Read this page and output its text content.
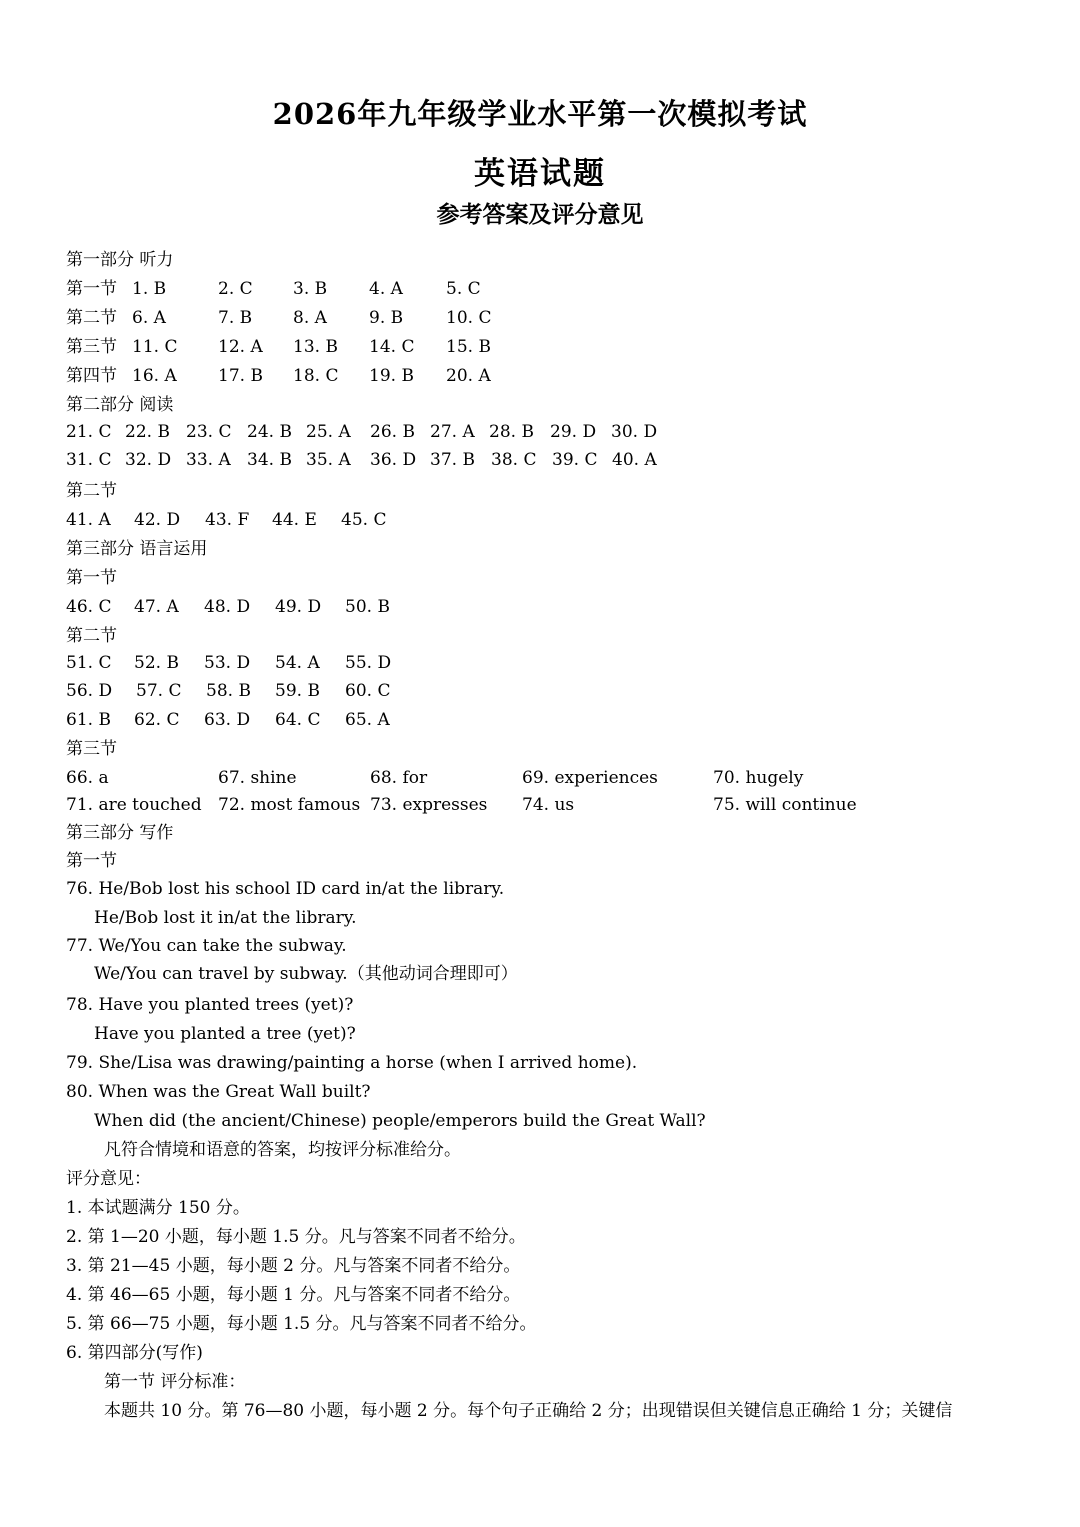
2026年九年级学业水平第一次模拟考试
英语试题
参考答案及评分意见
第一部分 听力
第一节 1. B	2. C 3. B 4. A	5. C
第二节 6. A	7. B 8. A 9. B	10. C
第三节 11. C 12. A 13. B 14. C 15. B
第四节 16. A 17. B 18. C 19. B 20. A
第二部分 阅读
21. C 22. B 23. C 24. B 25. A 26. B 27. A 28. B 29. D 30. D
31. C 32. D 33. A 34. B 35. A 36. D 37. B 38. C 39. C 40. A
第二节
41. A 42. D 43. F 44. E 45. C
第三部分 语言运用
第一节
46. C 47. A 48. D 49. D 50. B
第二节
51. C 52. B 53. D 54. A 55. D
56. D 57. C 58. B 59. B 60. C
61. B 62. C 63. D 64. C 65. A
第三节
66. a	67. shine	68. for	69. experiences	70. hugely
71. are touched 72. most famous 73. expresses 74. us	75. will continue
第三部分 写作
第一节
76. He/Bob lost his school ID card in/at the library.
He/Bob lost it in/at the library.
77. We/You can take the subway.
We/You can travel by subway.（其他动词合理即可）
78. Have you planted trees (yet)?
Have you planted a tree (yet)?
79. She/Lisa was drawing/painting a horse (when I arrived home).
80. When was the Great Wall built?
When did (the ancient/Chinese) people/emperors build the Great Wall?
凡符合情境和语意的答案，均按评分标准给分。
评分意见：
1. 本试题满分 150 分。
2. 第 1—20 小题，每小题 1.5 分。凡与答案不同者不给分。
3. 第 21—45 小题，每小题 2 分。凡与答案不同者不给分。
4. 第 46—65 小题，每小题 1 分。凡与答案不同者不给分。
5. 第 66—75 小题，每小题 1.5 分。凡与答案不同者不给分。
6. 第四部分(写作)
第一节 评分标准：
本题共 10 分。第 76—80 小题，每小题 2 分。每个句子正确给 2 分；出现错误但关键信息正确给 1 分；关键信
